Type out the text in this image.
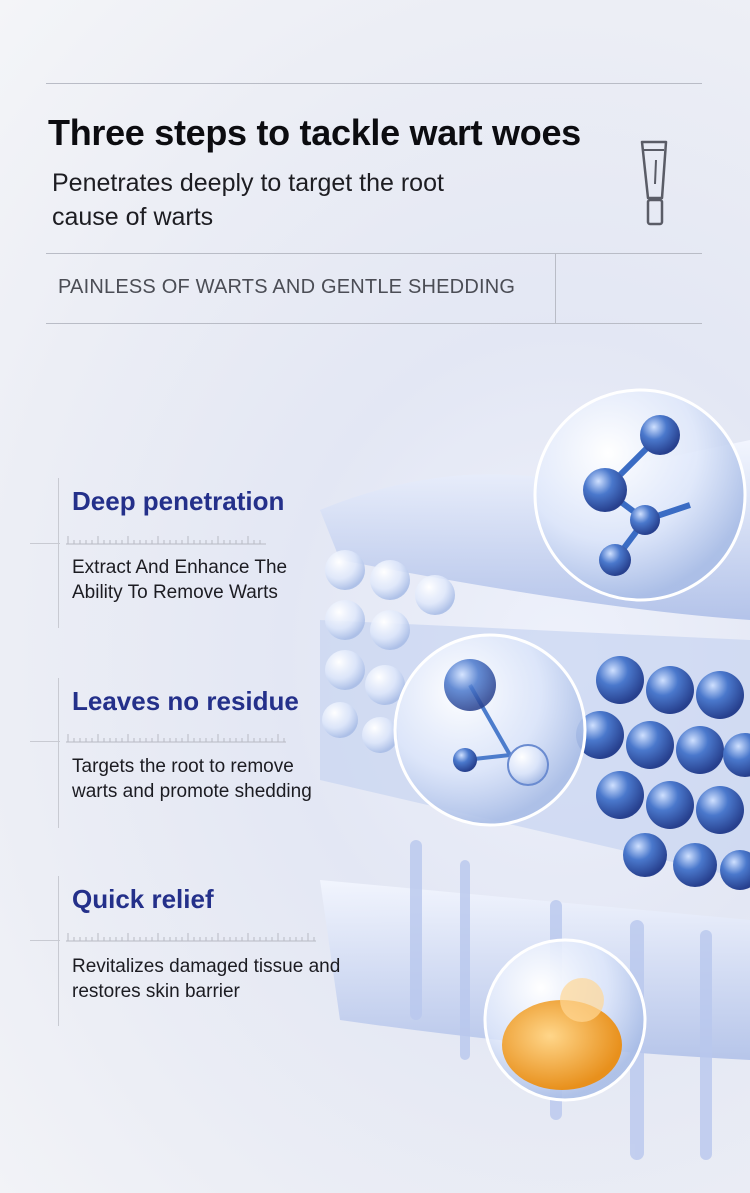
Three steps to tackle wart woes
Penetrates deeply to target the root cause of warts
PAINLESS OF WARTS AND GENTLE SHEDDING
Deep penetration
Extract And Enhance The Ability To Remove Warts
Leaves no residue
Targets the root to remove warts and promote shedding
Quick relief
Revitalizes damaged tissue and restores skin barrier
